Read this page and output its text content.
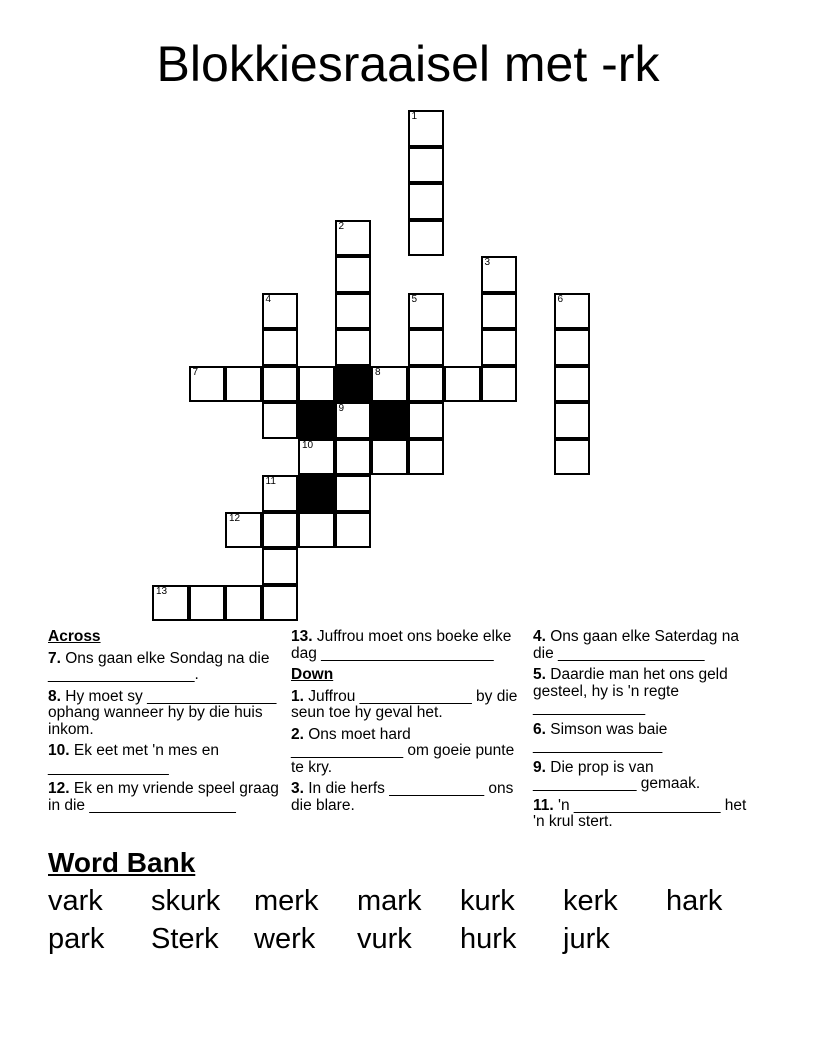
Blokkiesraaisel met -rk
1
2
3
4	5	6
7	8
9
10
11
12
13
Across
7. Ons gaan elke Sondag na die _________________.
8. Hy moet sy _______________ ophang wanneer hy by die huis inkom.
10. Ek eet met 'n mes en ______________
12. Ek en my vriende speel graag in die _________________
13. Juffrou moet ons boeke elke dag ____________________
Down
1. Juffrou _____________ by die seun toe hy geval het.
2. Ons moet hard _____________ om goeie punte te kry.
3. In die herfs ___________ ons die blare.
4. Ons gaan elke Saterdag na die _________________
5. Daardie man het ons geld gesteel, hy is 'n regte _____________
6. Simson was baie _______________
9. Die prop is van ____________ gemaak.
11. 'n _________________ het 'n krul stert.
Word Bank
vark skurk merk mark kurk kerk hark
park Sterk werk vurk hurk jurk
